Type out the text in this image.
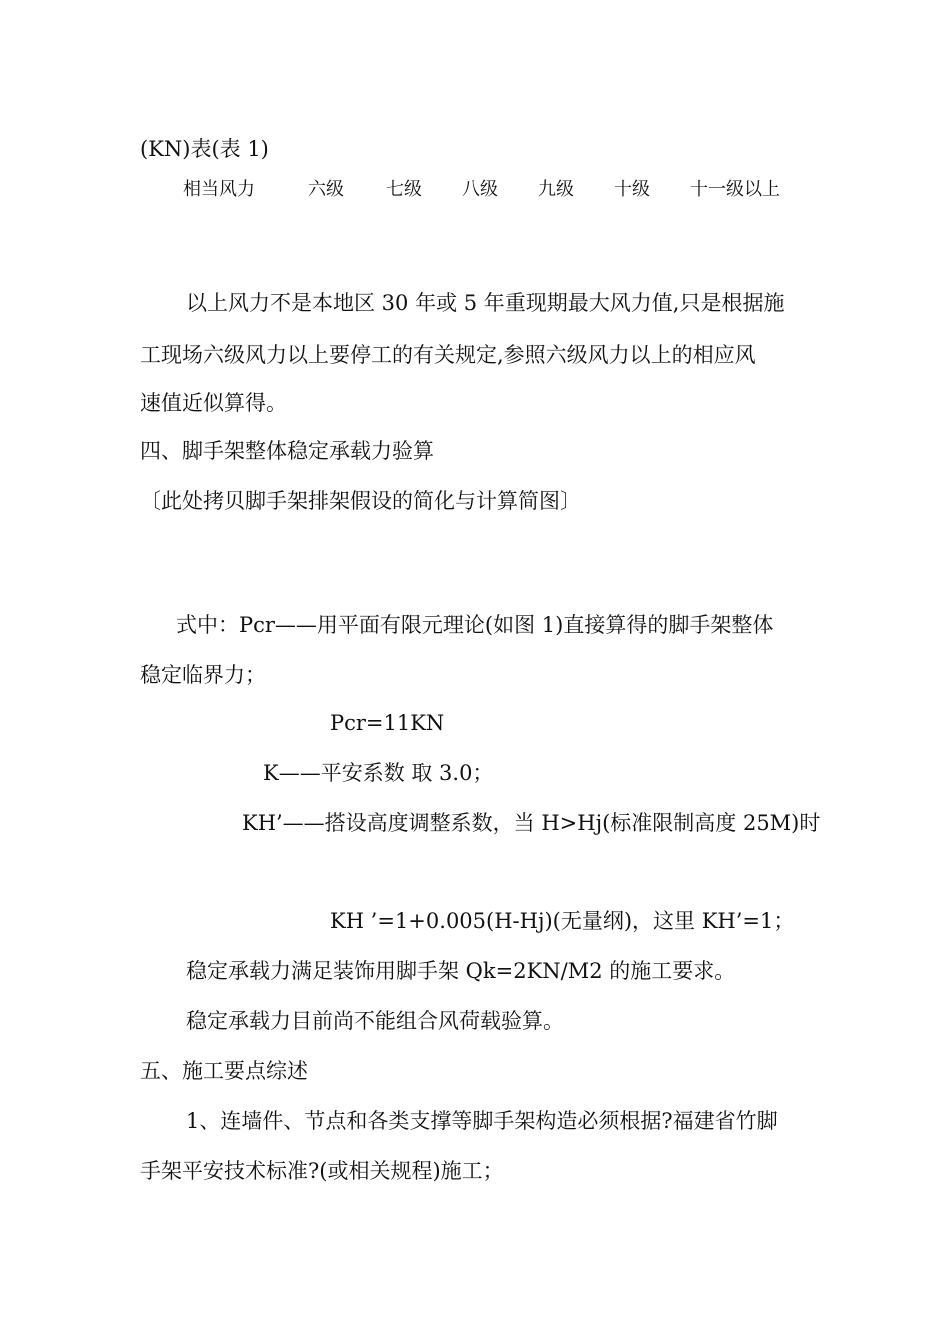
(KN)表(表 1)
相当风力	六级 七级 八级 九级 十级 十一级以上
以上风力不是本地区 30 年或 5 年重现期最大风力值,只是根据施
工现场六级风力以上要停工的有关规定,参照六级风力以上的相应风
速值近似算得。
四、脚手架整体稳定承载力验算
〔此处拷贝脚手架排架假设的简化与计算简图〕
式中：Pcr——用平面有限元理论(如图 1)直接算得的脚手架整体
稳定临界力；
Pcr=11KN
K——平安系数 取 3.0；
KH’——搭设高度调整系数，当 H>Hj(标准限制高度 25M)时
KH ’=1+0.005(H-Hj)(无量纲)，这里 KH’=1；
稳定承载力满足装饰用脚手架 Qk=2KN/M2 的施工要求。
稳定承载力目前尚不能组合风荷载验算。
五、施工要点综述
1、连墙件、节点和各类支撑等脚手架构造必须根据?福建省竹脚
手架平安技术标准?(或相关规程)施工；
